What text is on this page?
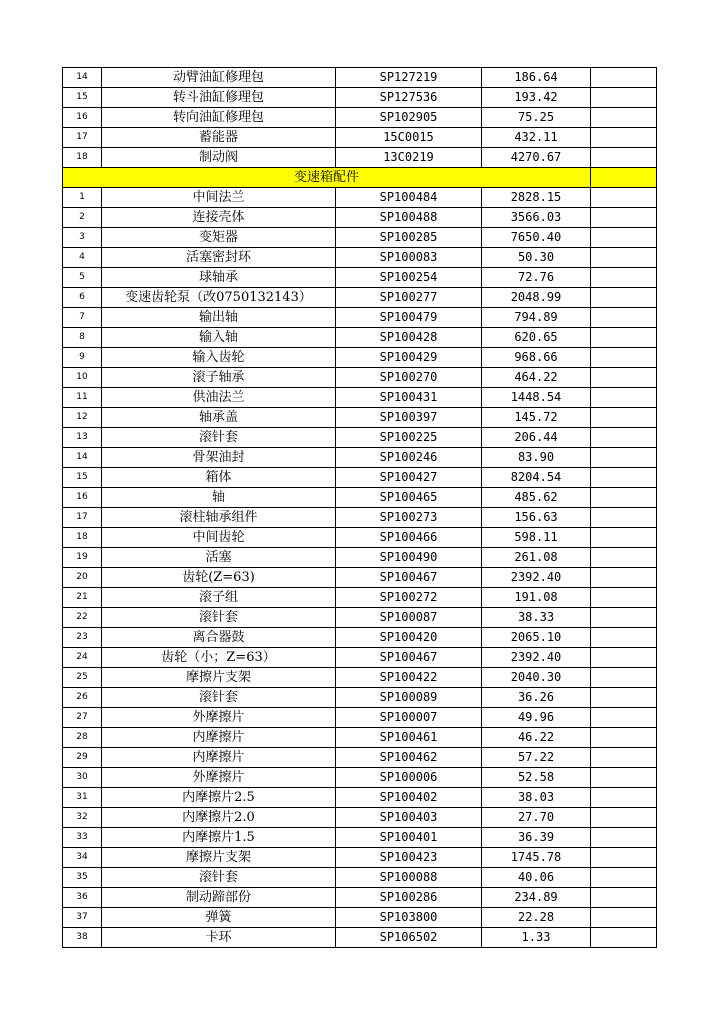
14	动臂油缸修理包	SP127219	186.64	
15	转斗油缸修理包	SP127536	193.42	
16	转向油缸修理包	SP102905	75.25	
17	蓄能器	15C0015	432.11	
18	制动阀	13C0219	4270.67	
变速箱配件				
1	中间法兰	SP100484	2828.15	
2	连接壳体	SP100488	3566.03	
3	变矩器	SP100285	7650.40	
4	活塞密封环	SP100083	50.30	
5	球轴承	SP100254	72.76	
6	变速齿轮泵（改0750132143）	SP100277	2048.99	
7	输出轴	SP100479	794.89	
8	输入轴	SP100428	620.65	
9	输入齿轮	SP100429	968.66	
10	滚子轴承	SP100270	464.22	
11	供油法兰	SP100431	1448.54	
12	轴承盖	SP100397	145.72	
13	滚针套	SP100225	206.44	
14	骨架油封	SP100246	83.90	
15	箱体	SP100427	8204.54	
16	轴	SP100465	485.62	
17	滚柱轴承组件	SP100273	156.63	
18	中间齿轮	SP100466	598.11	
19	活塞	SP100490	261.08	
20	齿轮(Z=63)	SP100467	2392.40	
21	滚子组	SP100272	191.08	
22	滚针套	SP100087	38.33	
23	离合器鼓	SP100420	2065.10	
24	齿轮（小；Z=63）	SP100467	2392.40	
25	摩擦片支架	SP100422	2040.30	
26	滚针套	SP100089	36.26	
27	外摩擦片	SP100007	49.96	
28	内摩擦片	SP100461	46.22	
29	内摩擦片	SP100462	57.22	
30	外摩擦片	SP100006	52.58	
31	内摩擦片2.5	SP100402	38.03	
32	内摩擦片2.0	SP100403	27.70	
33	内摩擦片1.5	SP100401	36.39	
34	摩擦片支架	SP100423	1745.78	
35	滚针套	SP100088	40.06	
36	制动蹄部份	SP100286	234.89	
37	弹簧	SP103800	22.28	
38	卡环	SP106502	1.33	
